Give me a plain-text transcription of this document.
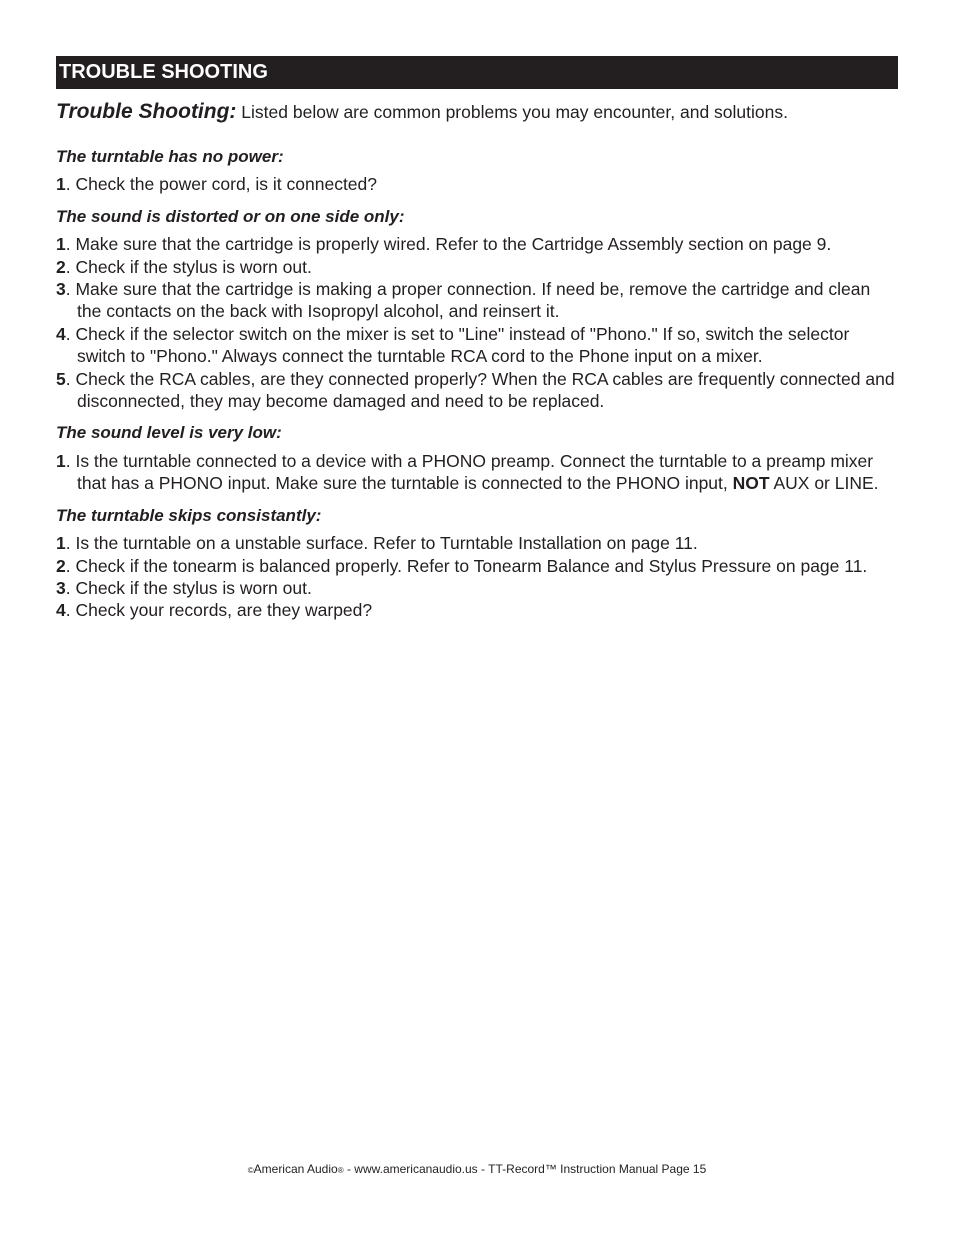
TROUBLE SHOOTING
Trouble Shooting: Listed below are common problems you may encounter, and solutions.

The turntable has no power:

1. Check the power cord, is it connected?

The sound is distorted or on one side only:

1. Make sure that the cartridge is properly wired. Refer to the Cartridge Assembly section on page 9.

2. Check if the stylus is worn out.

3. Make sure that the cartridge is making a proper connection. If need be, remove the cartridge and clean the contacts on the back with Isopropyl alcohol, and reinsert it.

4. Check if the selector switch on the mixer is set to "Line" instead of "Phono." If so, switch the selector switch to "Phono." Always connect the turntable RCA cord to the Phone input on a mixer.

5. Check the RCA cables, are they connected properly? When the RCA cables are frequently connected and disconnected, they may become damaged and need to be replaced.

The sound level is very low:

1. Is the turntable connected to a device with a PHONO preamp. Connect the turntable to a preamp mixer that has a PHONO input. Make sure the turntable is connected to the PHONO input, NOT AUX or LINE.

The turntable skips consistantly:

1. Is the turntable on a unstable surface. Refer to Turntable Installation on page 11.

2. Check if the tonearm is balanced properly. Refer to Tonearm Balance and Stylus Pressure on page 11.

3. Check if the stylus is worn out.

4. Check your records, are they warped?

©American Audio® - www.americanaudio.us - TT-Record™ Instruction Manual Page 15
